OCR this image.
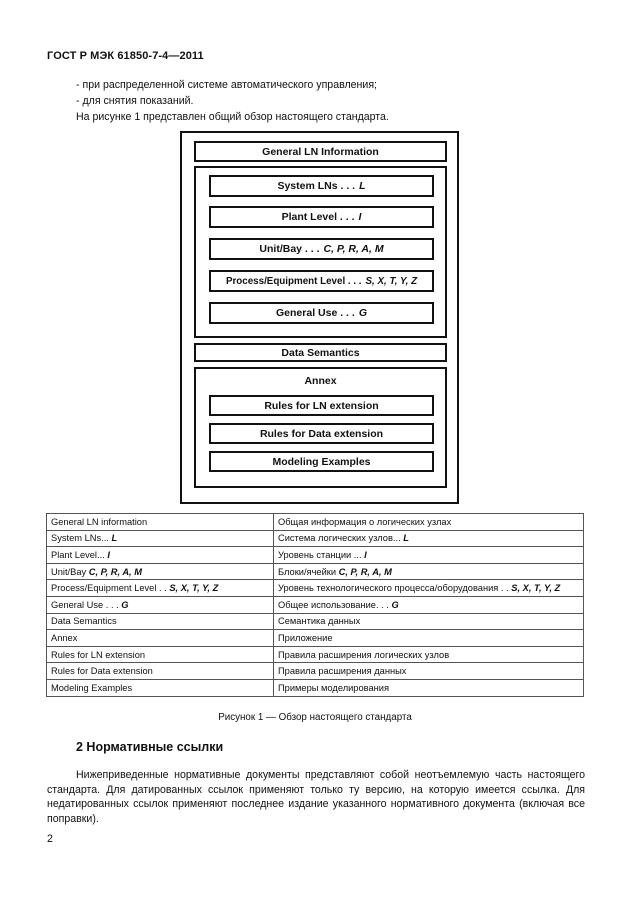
ГОСТ Р МЭК 61850-7-4—2011
- при распределенной системе автоматического управления;
- для снятия показаний.
На рисунке 1 представлен общий обзор настоящего стандарта.
General LN Information
System LNs . . . L
Plant Level . . . I
Unit/Bay . . . C, P, R, A, M
Process/Equipment Level . . . S, X, T, Y, Z
General Use . . . G
Data Semantics
Annex
Rules for LN extension
Rules for Data extension
Modeling Examples
General LN information	Общая информация о логических узлах
System LNs... L	Система логических узлов... L
Plant Level... I	Уровень станции ... I
Unit/Bay C, P, R, A, M	Блоки/ячейки C, P, R, A, M
Process/Equipment Level . . S, X, T, Y, Z	Уровень технологического процесса/оборудования . . S, X, T, Y, Z
General Use . . . G	Общее использование. . . G
Data Semantics	Семантика данных
Annex	Приложение
Rules for LN extension	Правила расширения логических узлов
Rules for Data extension	Правила расширения данных
Modeling Examples	Примеры моделирования
Рисунок 1 — Обзор настоящего стандарта
2 Нормативные ссылки

Нижеприведенные нормативные документы представляют собой неотъемлемую часть настоящего стандарта. Для датированных ссылок применяют только ту версию, на которую имеется ссылка. Для недатированных ссылок применяют последнее издание указанного нормативного документа (включая все поправки).

2
